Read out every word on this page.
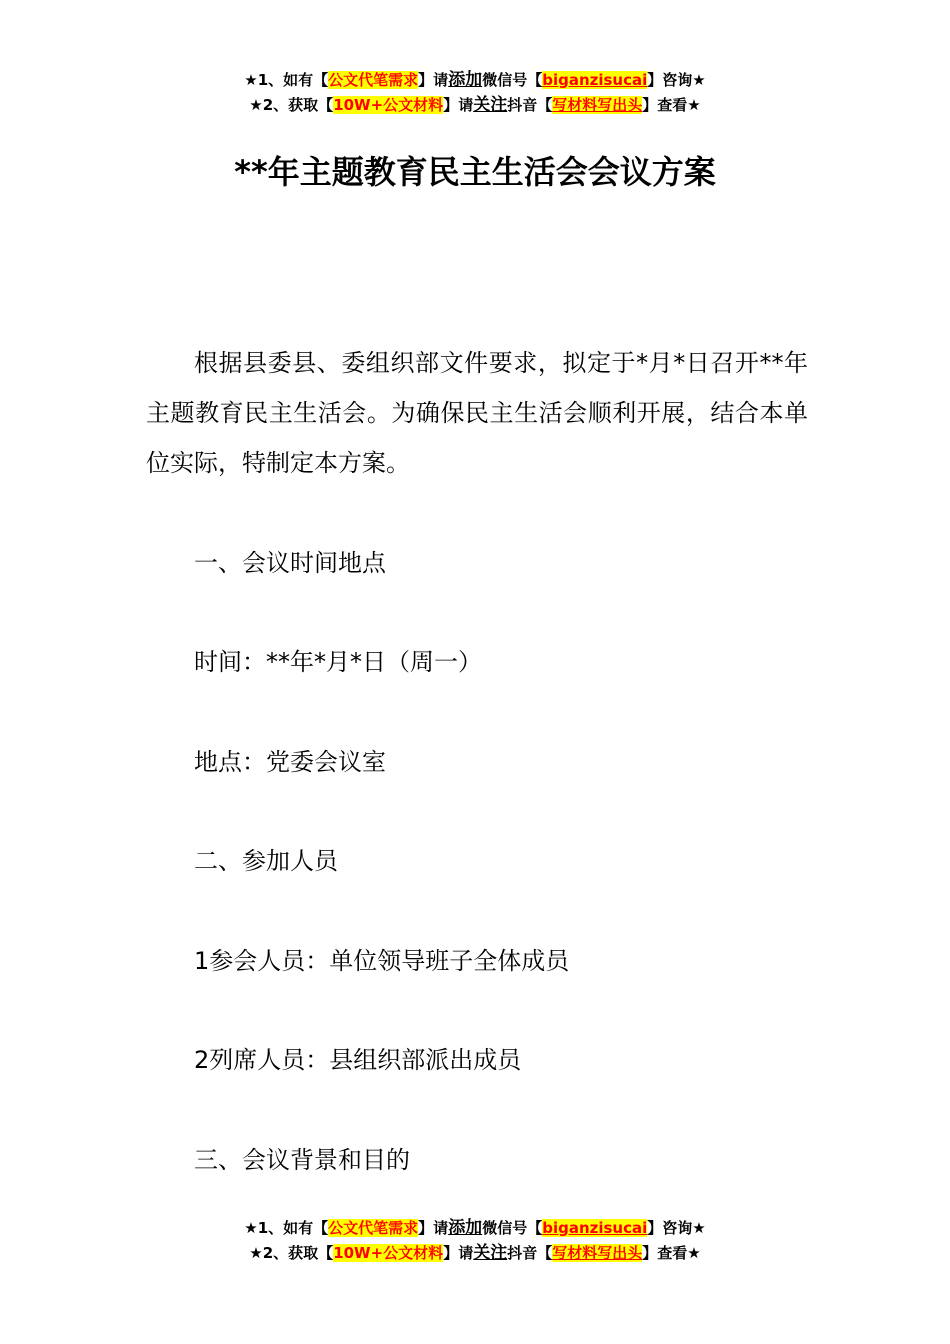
★1、如有【公文代笔需求】请添加微信号【biganzisucai】咨询★
★2、获取【10W+公文材料】请关注抖音【写材料写出头】查看★
**年主题教育民主生活会会议方案

根据县委县、委组织部文件要求，拟定于*月*日召开**年主题教育民主生活会。为确保民主生活会顺利开展，结合本单位实际，特制定本方案。

一、会议时间地点

时间：**年*月*日（周一）

地点：党委会议室

二、参加人员

1参会人员：单位领导班子全体成员

2列席人员：县组织部派出成员

三、会议背景和目的

★1、如有【公文代笔需求】请添加微信号【biganzisucai】咨询★
★2、获取【10W+公文材料】请关注抖音【写材料写出头】查看★
